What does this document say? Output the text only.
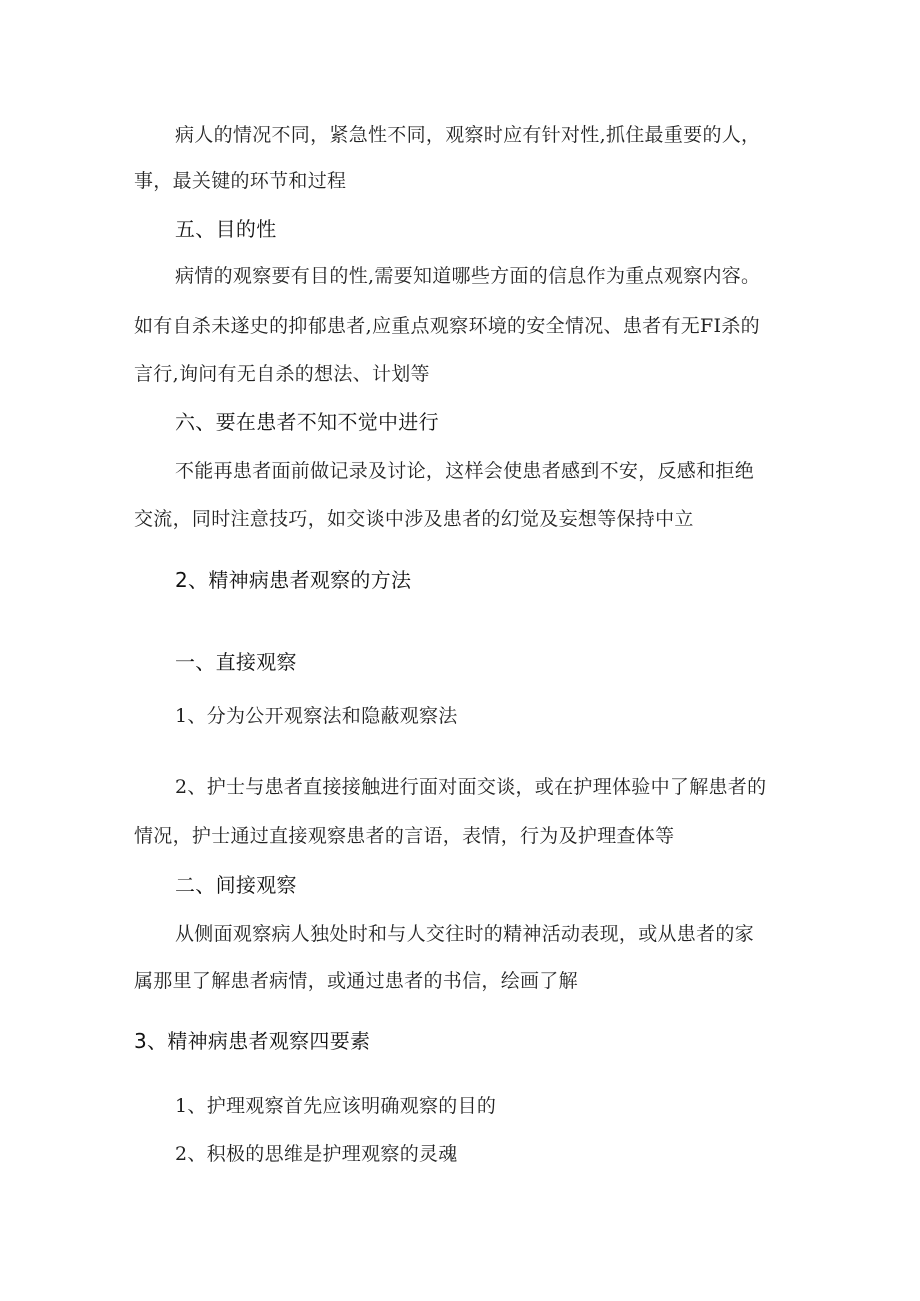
病人的情况不同，紧急性不同，观察时应有针对性,抓住最重要的人，
事，最关键的环节和过程
五、目的性
病情的观察要有目的性,需要知道哪些方面的信息作为重点观察内容。
如有自杀未遂史的抑郁患者,应重点观察环境的安全情况、患者有无FI杀的
言行,询问有无自杀的想法、计划等
六、要在患者不知不觉中进行
不能再患者面前做记录及讨论，这样会使患者感到不安，反感和拒绝
交流，同时注意技巧，如交谈中涉及患者的幻觉及妄想等保持中立
2、精神病患者观察的方法
一、直接观察
1、分为公开观察法和隐蔽观察法
2、护士与患者直接接触进行面对面交谈，或在护理体验中了解患者的
情况，护士通过直接观察患者的言语，表情，行为及护理查体等
二、间接观察
从侧面观察病人独处时和与人交往时的精神活动表现，或从患者的家
属那里了解患者病情，或通过患者的书信，绘画了解
3、精神病患者观察四要素
1、护理观察首先应该明确观察的目的
2、积极的思维是护理观察的灵魂
